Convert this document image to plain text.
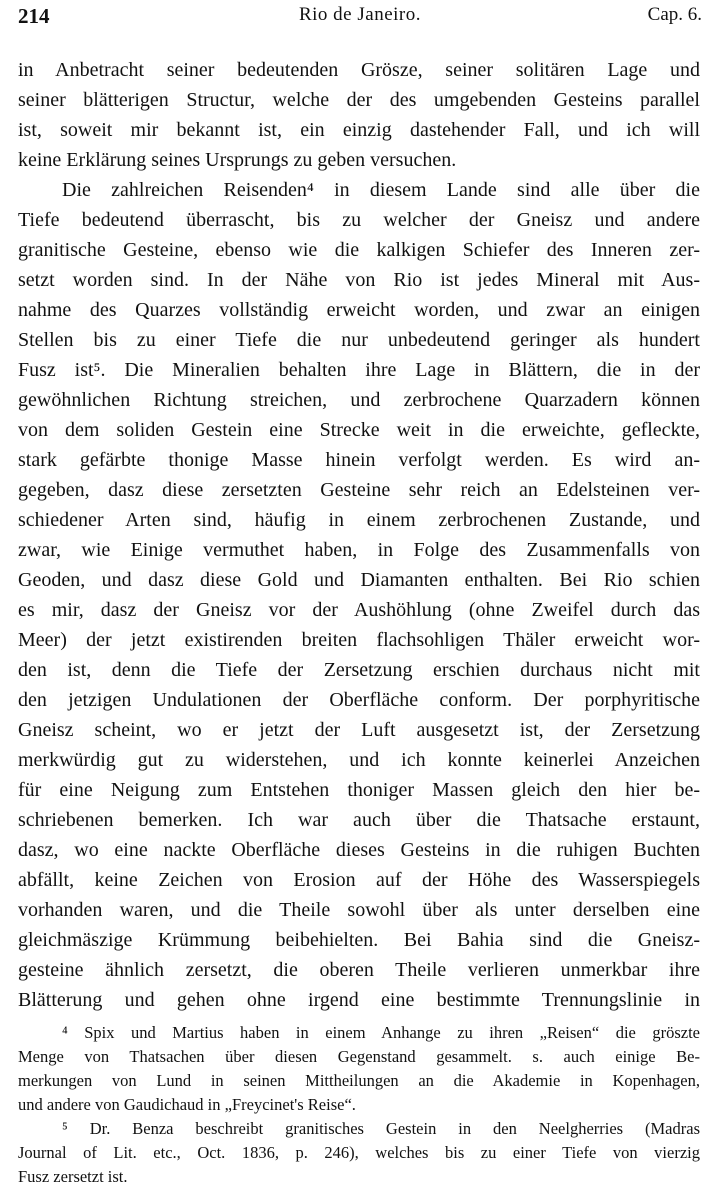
214	Rio de Janeiro.	Cap. 6.
in Anbetracht seiner bedeutenden Grösze, seiner solitären Lage und
seiner blätterigen Structur, welche der des umgebenden Gesteins parallel
ist, soweit mir bekannt ist, ein einzig dastehender Fall, und ich will
keine Erklärung seines Ursprungs zu geben versuchen.
Die zahlreichen Reisenden⁴ in diesem Lande sind alle über die
Tiefe bedeutend überrascht, bis zu welcher der Gneisz und andere
granitische Gesteine, ebenso wie die kalkigen Schiefer des Inneren zer-
setzt worden sind. In der Nähe von Rio ist jedes Mineral mit Aus-
nahme des Quarzes vollständig erweicht worden, und zwar an einigen
Stellen bis zu einer Tiefe die nur unbedeutend geringer als hundert
Fusz ist⁵. Die Mineralien behalten ihre Lage in Blättern, die in der
gewöhnlichen Richtung streichen, und zerbrochene Quarzadern können
von dem soliden Gestein eine Strecke weit in die erweichte, gefleckte,
stark gefärbte thonige Masse hinein verfolgt werden. Es wird an-
gegeben, dasz diese zersetzten Gesteine sehr reich an Edelsteinen ver-
schiedener Arten sind, häufig in einem zerbrochenen Zustande, und
zwar, wie Einige vermuthet haben, in Folge des Zusammenfalls von
Geoden, und dasz diese Gold und Diamanten enthalten. Bei Rio schien
es mir, dasz der Gneisz vor der Aushöhlung (ohne Zweifel durch das
Meer) der jetzt existirenden breiten flachsohligen Thäler erweicht wor-
den ist, denn die Tiefe der Zersetzung erschien durchaus nicht mit
den jetzigen Undulationen der Oberfläche conform. Der porphyritische
Gneisz scheint, wo er jetzt der Luft ausgesetzt ist, der Zersetzung
merkwürdig gut zu widerstehen, und ich konnte keinerlei Anzeichen
für eine Neigung zum Entstehen thoniger Massen gleich den hier be-
schriebenen bemerken. Ich war auch über die Thatsache erstaunt,
dasz, wo eine nackte Oberfläche dieses Gesteins in die ruhigen Buchten
abfällt, keine Zeichen von Erosion auf der Höhe des Wasserspiegels
vorhanden waren, und die Theile sowohl über als unter derselben eine
gleichmäszige Krümmung beibehielten. Bei Bahia sind die Gneisz-
gesteine ähnlich zersetzt, die oberen Theile verlieren unmerkbar ihre
Blätterung und gehen ohne irgend eine bestimmte Trennungslinie in
⁴ Spix und Martius haben in einem Anhange zu ihren „Reisen“ die gröszte
Menge von Thatsachen über diesen Gegenstand gesammelt. s. auch einige Be-
merkungen von Lund in seinen Mittheilungen an die Akademie in Kopenhagen,
und andere von Gaudichaud in „Freycinet's Reise“.
⁵ Dr. Benza beschreibt granitisches Gestein in den Neelgherries (Madras
Journal of Lit. etc., Oct. 1836, p. 246), welches bis zu einer Tiefe von vierzig
Fusz zersetzt ist.
